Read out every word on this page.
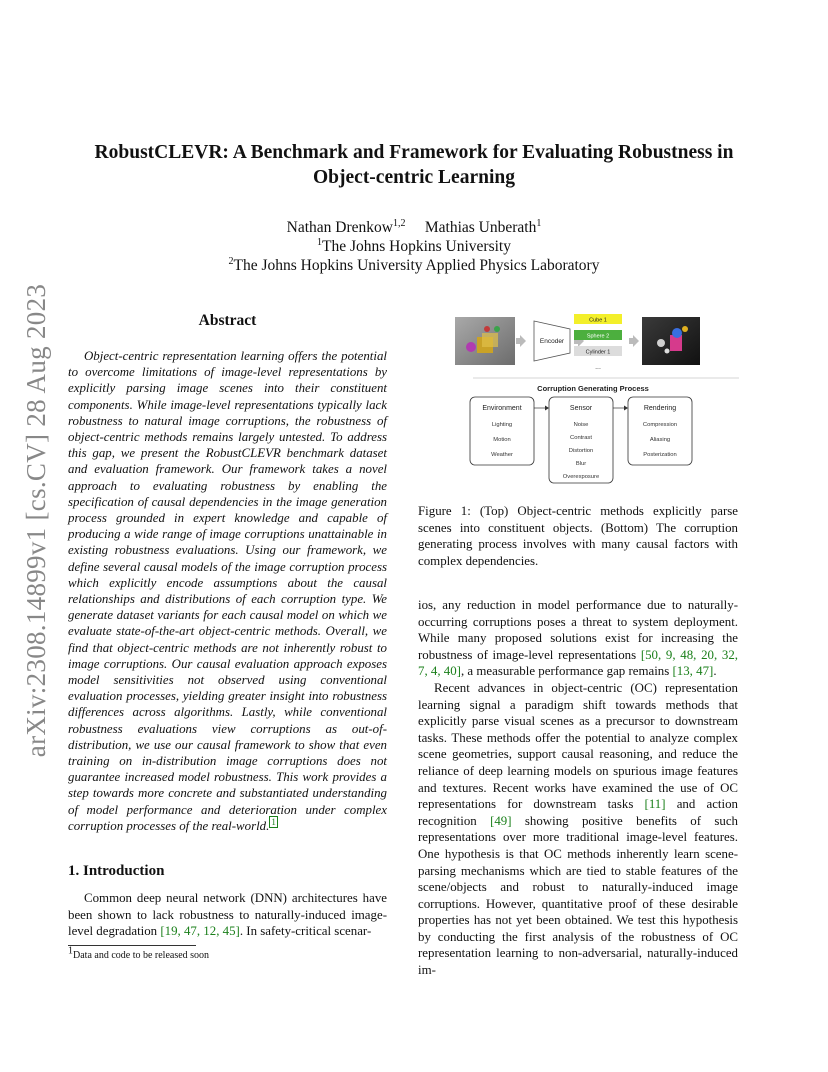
arXiv:2308.14899v1 [cs.CV] 28 Aug 2023
RobustCLEVR: A Benchmark and Framework for Evaluating Robustness in
Object-centric Learning
Nathan Drenkow$^{1,2}$ Mathias Unberath$^1$
$^1$The Johns Hopkins University
$^2$The Johns Hopkins University Applied Physics Laboratory
Abstract
Object-centric representation learning offers the potential to overcome limitations of image-level representations by explicitly parsing image scenes into their constituent components. While image-level representations typically lack robustness to natural image corruptions, the robustness of object-centric methods remains largely untested. To address this gap, we present the RobustCLEVR benchmark dataset and evaluation framework. Our framework takes a novel approach to evaluating robustness by enabling the specification of causal dependencies in the image generation process grounded in expert knowledge and capable of producing a wide range of image corruptions unattainable in existing robustness evaluations. Using our framework, we define several causal models of the image corruption process which explicitly encode assumptions about the causal relationships and distributions of each corruption type. We generate dataset variants for each causal model on which we evaluate state-of-the-art object-centric methods. Overall, we find that object-centric methods are not inherently robust to image corruptions. Our causal evaluation approach exposes model sensitivities not observed using conventional evaluation processes, yielding greater insight into robustness differences across algorithms. Lastly, while conventional robustness evaluations view corruptions as out-of-distribution, we use our causal framework to show that even training on in-distribution image corruptions does not guarantee increased model robustness. This work provides a step towards more concrete and substantiated understanding of model performance and deterioration under complex corruption processes of the real-world. $^1$
1. Introduction
Common deep neural network (DNN) architectures have been shown to lack robustness to naturally-induced image-level degradation [19, 47, 12, 45]. In safety-critical scenar-
$^1$Data and code to be released soon
Encoder
Cube 1
Sphere 2
Cylinder 1
...
Corruption Generating Process
Environment
Lighting
Motion
Weather
Sensor
Noise
Contrast
Distortion
Blur
Overexposure
Rendering
Compression
Aliasing
Posterization
Figure 1: (Top) Object-centric methods explicitly parse scenes into constituent objects. (Bottom) The corruption generating process involves with many causal factors with complex dependencies.

ios, any reduction in model performance due to naturally-occurring corruptions poses a threat to system deployment. While many proposed solutions exist for increasing the robustness of image-level representations [50, 9, 48, 20, 32, 7, 4, 40], a measurable performance gap remains [13, 47].

Recent advances in object-centric (OC) representation learning signal a paradigm shift towards methods that explicitly parse visual scenes as a precursor to downstream tasks. These methods offer the potential to analyze complex scene geometries, support causal reasoning, and reduce the reliance of deep learning models on spurious image features and textures. Recent works have examined the use of OC representations for downstream tasks [11] and action recognition [49] showing positive benefits of such representations over more traditional image-level features. One hypothesis is that OC methods inherently learn scene-parsing mechanisms which are tied to stable features of the scene/objects and robust to naturally-induced image corruptions. However, quantitative proof of these desirable properties has not yet been obtained. We test this hypothesis by conducting the first analysis of the robustness of OC representation learning to non-adversarial, naturally-induced im-
